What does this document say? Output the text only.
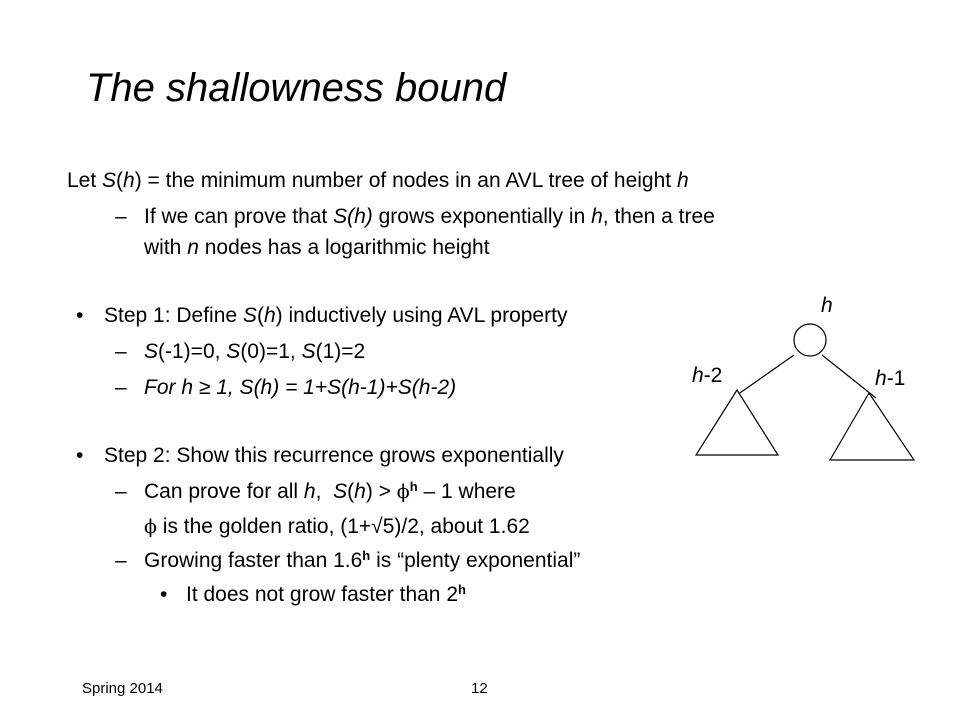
The shallowness bound
Let S(h) = the minimum number of nodes in an AVL tree of height h
– If we can prove that S(h) grows exponentially in h, then a tree
with n nodes has a logarithmic height
• Step 1: Define S(h) inductively using AVL property
– S(-1)=0, S(0)=1, S(1)=2
– For h ≥ 1, S(h) = 1+S(h-1)+S(h-2)
• Step 2: Show this recurrence grows exponentially
– Can prove for all h,  $S(h) > \phi^h - 1$ where
ϕ is the golden ratio, (1+√5)/2, about 1.62
– Growing faster than 1.6$^h$ is “plenty exponential”
• It does not grow faster than 2$^h$
h
h-2	h-1
Spring 2014	12
